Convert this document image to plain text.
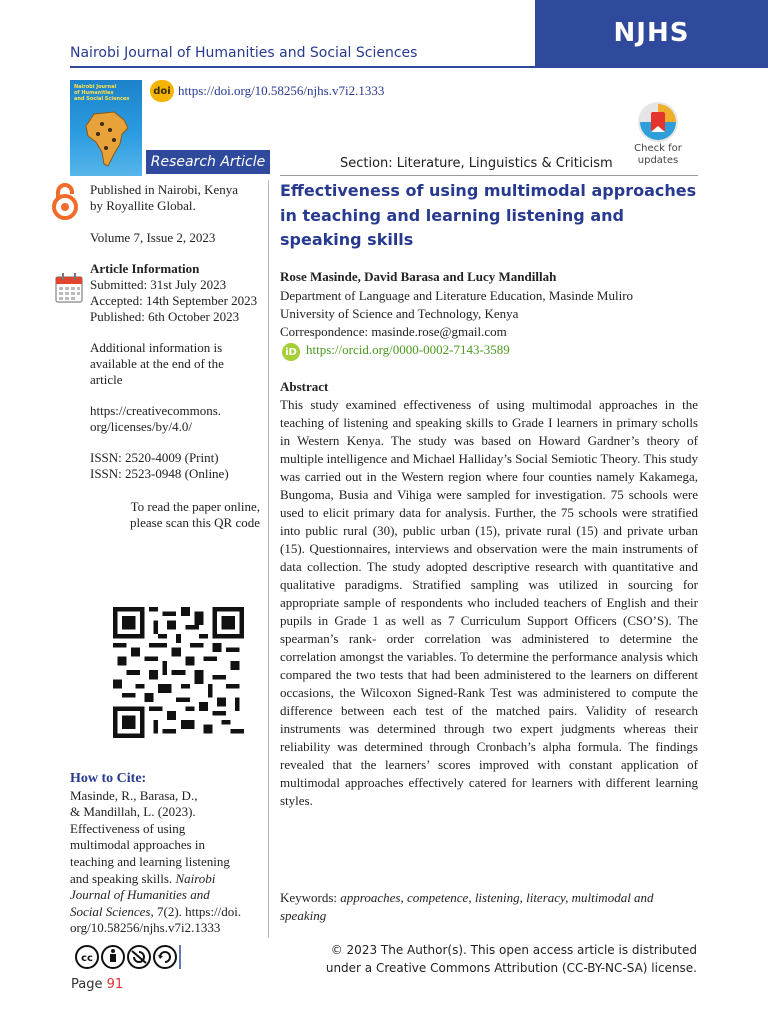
NJHS
Nairobi Journal of Humanities and Social Sciences
Nairobi Journal
of Humanities
and Social Sciences
doi https://doi.org/10.58256/njhs.v7i2.1333
Check for
updates
Research Article	Section: Literature, Linguistics & Criticism
Published in Nairobi, Kenya
by Royallite Global.
Volume 7, Issue 2, 2023
Article Information
Submitted: 31st July 2023
Accepted: 14th September 2023
Published: 6th October 2023
Additional information is
available at the end of the
article
https://creativecommons.
org/licenses/by/4.0/
ISSN: 2520-4009 (Print)
ISSN: 2523-0948 (Online)
To read the paper online,
please scan this QR code
How to Cite:
Masinde, R., Barasa, D.,
& Mandillah, L. (2023).
Effectiveness of using
multimodal approaches in
teaching and learning listening
and speaking skills. Nairobi
Journal of Humanities and
Social Sciences, 7(2). https://doi.
org/10.58256/njhs.v7i2.1333
Effectiveness of using multimodal approaches in teaching and learning listening and speaking skills
Rose Masinde, David Barasa and Lucy Mandillah
Department of Language and Literature Education, Masinde Muliro
University of Science and Technology, Kenya
Correspondence: masinde.rose@gmail.com
iD https://orcid.org/0000-0002-7143-3589
Abstract
This study examined effectiveness of using multimodal approaches in the teaching of listening and speaking skills to Grade I learners in primary scholls in Western Kenya. The study was based on Howard Gardner’s theory of multiple intelligence and Michael Halliday’s Social Semiotic Theory. This study was carried out in the Western region where four counties namely Kakamega, Bungoma, Busia and Vihiga were sampled for investigation. 75 schools were used to elicit primary data for analysis. Further, the 75 schools were stratified into public rural (30), public urban (15), private rural (15) and private urban (15). Questionnaires, interviews and observation were the main instruments of data collection. The study adopted descriptive research with quantitative and qualitative paradigms. Stratified sampling was utilized in sourcing for appropriate sample of respondents who included teachers of English and their pupils in Grade 1 as well as 7 Curriculum Support Officers (CSO’S). The spearman’s rank- order correlation was administered to determine the correlation amongst the variables. To determine the performance analysis which compared the two tests that had been administered to the learners on different occasions, the Wilcoxon Signed-Rank Test was administered to compute the difference between each test of the matched pairs. Validity of research instruments was determined through two expert judgments whereas their reliability was determined through Cronbach’s alpha formula. The findings revealed that the learners’ scores improved with constant application of multimodal approaches effectively catered for learners with different learning styles.
Keywords: approaches, competence, listening, literacy, multimodal and speaking
cc
© 2023 The Author(s). This open access article is distributed
under a Creative Commons Attribution (CC-BY-NC-SA) license.
Page 91
